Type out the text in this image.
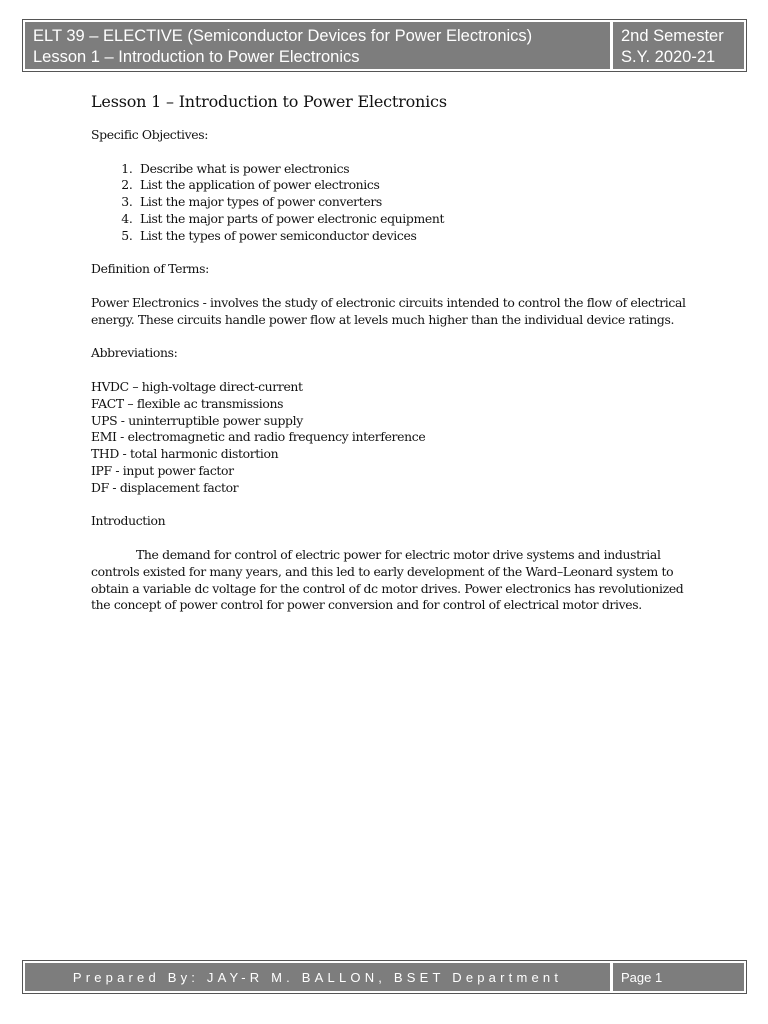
ELT 39 – ELECTIVE (Semiconductor Devices for Power Electronics)
Lesson 1 – Introduction to Power Electronics
2nd Semester
S.Y. 2020-21
Lesson 1 – Introduction to Power Electronics

Specific Objectives:

1. Describe what is power electronics
2. List the application of power electronics
3. List the major types of power converters
4. List the major parts of power electronic equipment
5. List the types of power semiconductor devices

Definition of Terms:

Power Electronics - involves the study of electronic circuits intended to control the flow of electrical energy. These circuits handle power flow at levels much higher than the individual device ratings.

Abbreviations:

HVDC – high-voltage direct-current

FACT – flexible ac transmissions

UPS - uninterruptible power supply

EMI - electromagnetic and radio frequency interference

THD - total harmonic distortion

IPF - input power factor

DF - displacement factor

Introduction

The demand for control of electric power for electric motor drive systems and industrial controls existed for many years, and this led to early development of the Ward–Leonard system to obtain a variable dc voltage for the control of dc motor drives. Power electronics has revolutionized the concept of power control for power conversion and for control of electrical motor drives.

Prepared By: JAY-R M. BALLON, BSET Department	Page 1
